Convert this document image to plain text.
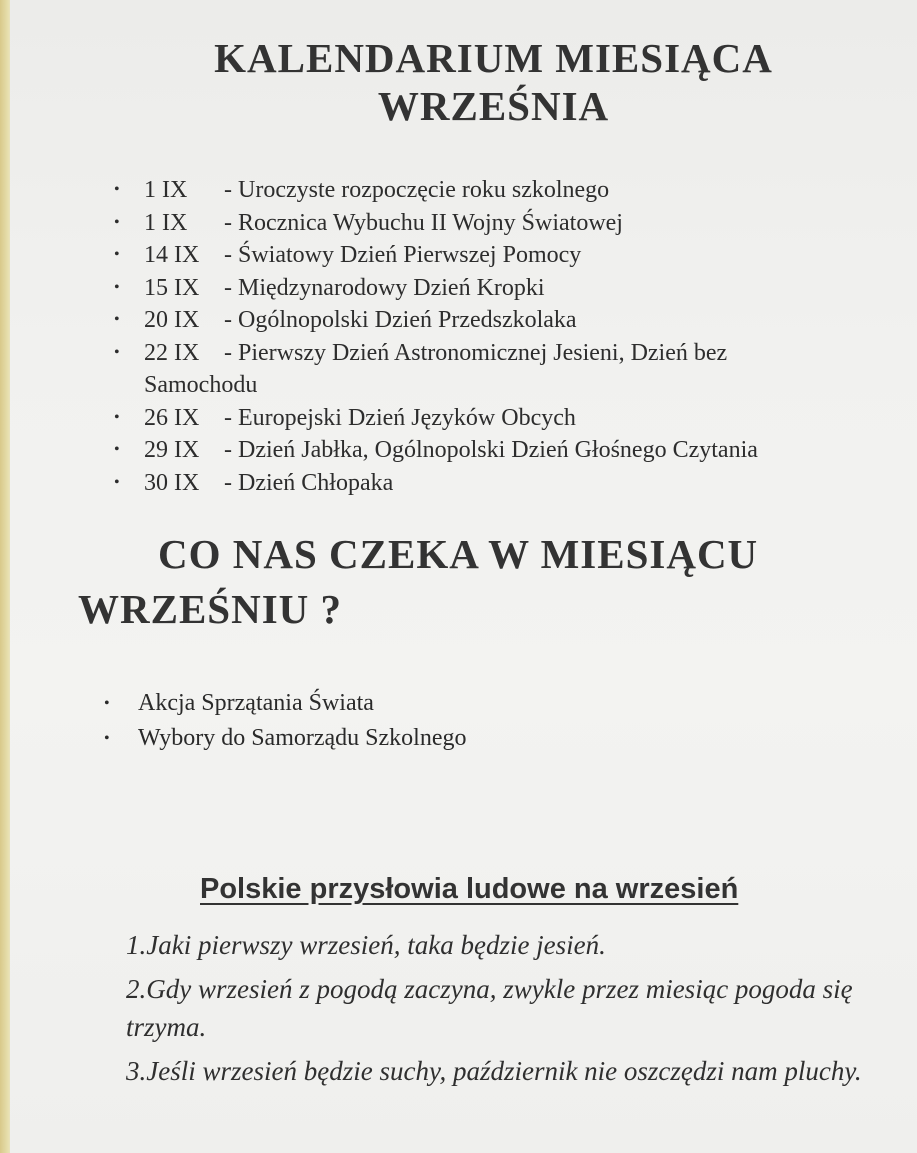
KALENDARIUM MIESIĄCA
WRZEŚNIA
• 1 IX - Uroczyste rozpoczęcie roku szkolnego
• 1 IX - Rocznica Wybuchu II Wojny Światowej
• 14 IX - Światowy Dzień Pierwszej Pomocy
• 15 IX - Międzynarodowy Dzień Kropki
• 20 IX - Ogólnopolski Dzień Przedszkolaka
• 22 IX - Pierwszy Dzień Astronomicznej Jesieni, Dzień bez
Samochodu
• 26 IX - Europejski Dzień Języków Obcych
• 29 IX - Dzień Jabłka, Ogólnopolski Dzień Głośnego Czytania
• 30 IX - Dzień Chłopaka
CO NAS CZEKA W MIESIĄCU
WRZEŚNIU ?
• Akcja Sprzątania Świata
• Wybory do Samorządu Szkolnego
Polskie przysłowia ludowe na wrzesień

1.Jaki pierwszy wrzesień, taka będzie jesień.

2.Gdy wrzesień z pogodą zaczyna, zwykle przez miesiąc pogoda się trzyma.

3.Jeśli wrzesień będzie suchy, październik nie oszczędzi nam pluchy.
